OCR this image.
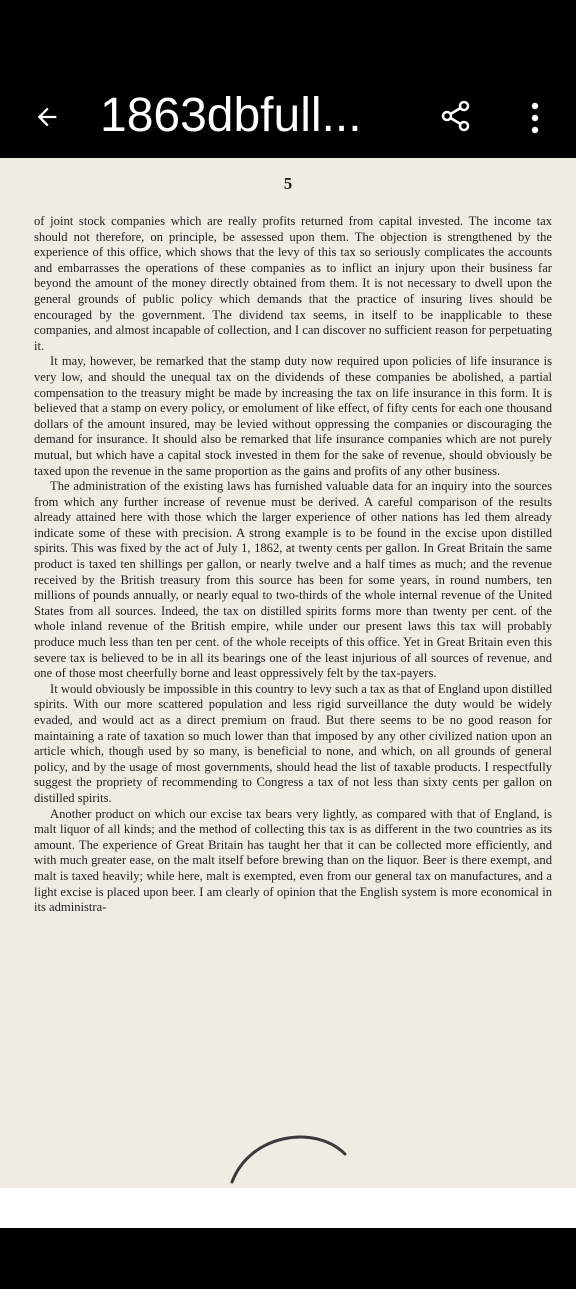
1863dbfull...
5

of joint stock companies which are really profits returned from capital invested. The income tax should not therefore, on principle, be assessed upon them. The objection is strengthened by the experience of this office, which shows that the levy of this tax so seriously complicates the accounts and embarrasses the operations of these companies as to inflict an injury upon their business far beyond the amount of the money directly obtained from them. It is not necessary to dwell upon the general grounds of public policy which demands that the practice of insuring lives should be encouraged by the government. The dividend tax seems, in itself to be inapplicable to these companies, and almost incapable of collection, and I can discover no sufficient reason for perpetuating it.

It may, however, be remarked that the stamp duty now required upon policies of life insurance is very low, and should the unequal tax on the dividends of these companies be abolished, a partial compensation to the treasury might be made by increasing the tax on life insurance in this form. It is believed that a stamp on every policy, or emolument of like effect, of fifty cents for each one thousand dollars of the amount insured, may be levied without oppressing the companies or discouraging the demand for insurance. It should also be remarked that life insurance companies which are not purely mutual, but which have a capital stock invested in them for the sake of revenue, should obviously be taxed upon the revenue in the same proportion as the gains and profits of any other business.

The administration of the existing laws has furnished valuable data for an inquiry into the sources from which any further increase of revenue must be derived. A careful comparison of the results already attained here with those which the larger experience of other nations has led them already indicate some of these with precision. A strong example is to be found in the excise upon distilled spirits. This was fixed by the act of July 1, 1862, at twenty cents per gallon. In Great Britain the same product is taxed ten shillings per gallon, or nearly twelve and a half times as much; and the revenue received by the British treasury from this source has been for some years, in round numbers, ten millions of pounds annually, or nearly equal to two-thirds of the whole internal revenue of the United States from all sources. Indeed, the tax on distilled spirits forms more than twenty per cent. of the whole inland revenue of the British empire, while under our present laws this tax will probably produce much less than ten per cent. of the whole receipts of this office. Yet in Great Britain even this severe tax is believed to be in all its bearings one of the least injurious of all sources of revenue, and one of those most cheerfully borne and least oppressively felt by the tax-payers.

It would obviously be impossible in this country to levy such a tax as that of England upon distilled spirits. With our more scattered population and less rigid surveillance the duty would be widely evaded, and would act as a direct premium on fraud. But there seems to be no good reason for maintaining a rate of taxation so much lower than that imposed by any other civilized nation upon an article which, though used by so many, is beneficial to none, and which, on all grounds of general policy, and by the usage of most governments, should head the list of taxable products. I respectfully suggest the propriety of recommending to Congress a tax of not less than sixty cents per gallon on distilled spirits.

Another product on which our excise tax bears very lightly, as compared with that of England, is malt liquor of all kinds; and the method of collecting this tax is as different in the two countries as its amount. The experience of Great Britain has taught her that it can be collected more efficiently, and with much greater ease, on the malt itself before brewing than on the liquor. Beer is there exempt, and malt is taxed heavily; while here, malt is exempted, even from our general tax on manufactures, and a light excise is placed upon beer. I am clearly of opinion that the English system is more economical in its administra-
